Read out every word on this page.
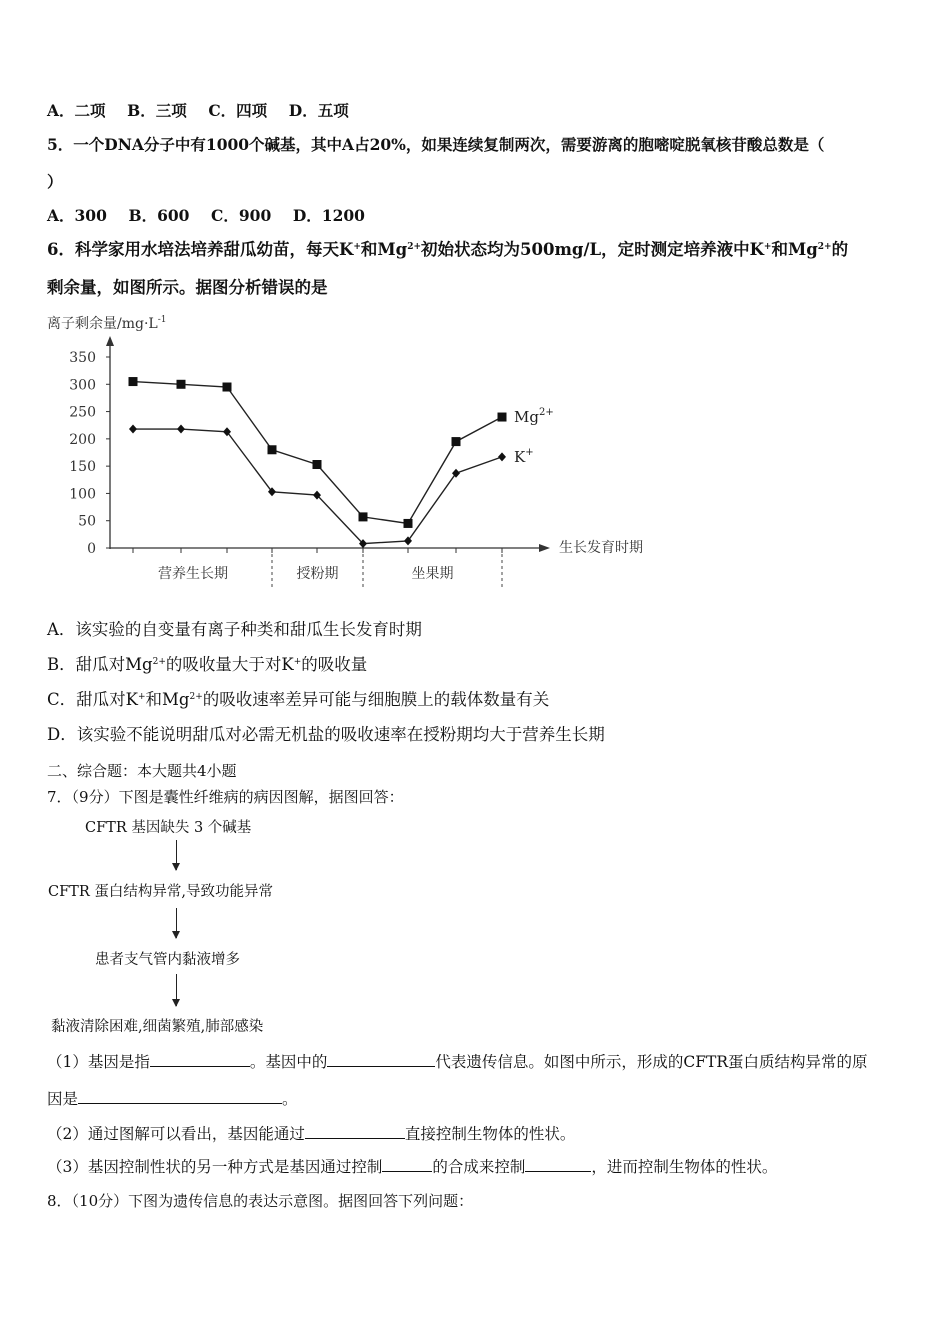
A．二项 B．三项 C．四项 D．五项
5．一个DNA分子中有1000个碱基，其中A占20%，如果连续复制两次，需要游离的胞嘧啶脱氧核苷酸总数是（
）
A．300 B．600 C．900 D．1200
6．科学家用水培法培养甜瓜幼苗，每天K+和$Mg^{2+}$初始状态均为500mg/L，定时测定培养液中K+和$Mg^{2+}$的
剩余量，如图所示。据图分析错误的是
离子剩余量$/mg\cdot L^{-1}$
生长发育时期
0
50
100
150
200
250
300
350
营养生长期	授粉期	坐果期
$Mg^{2+}$
K+
A．该实验的自变量有离子种类和甜瓜生长发育时期
B．甜瓜对$Mg^{2+}$的吸收量大于对K+的吸收量
C．甜瓜对K+和$Mg^{2+}$的吸收速率差异可能与细胞膜上的载体数量有关
D．该实验不能说明甜瓜对必需无机盐的吸收速率在授粉期均大于营养生长期
二、综合题：本大题共4小题
7．（9分）下图是囊性纤维病的病因图解，据图回答：
CFTR 基因缺失 3 个碱基
CFTR 蛋白结构异常,导致功能异常
患者支气管内黏液增多
黏液清除困难,细菌繁殖,肺部感染
（1）基因是指	。基因中的	代表遗传信息。如图中所示，形成的CFTR蛋白质结构异常的原
因是	。
（2）通过图解可以看出，基因能通过	直接控制生物体的性状。
（3）基因控制性状的另一种方式是基因通过控制	的合成来控制	，进而控制生物体的性状。
8．（10分）下图为遗传信息的表达示意图。据图回答下列问题：
